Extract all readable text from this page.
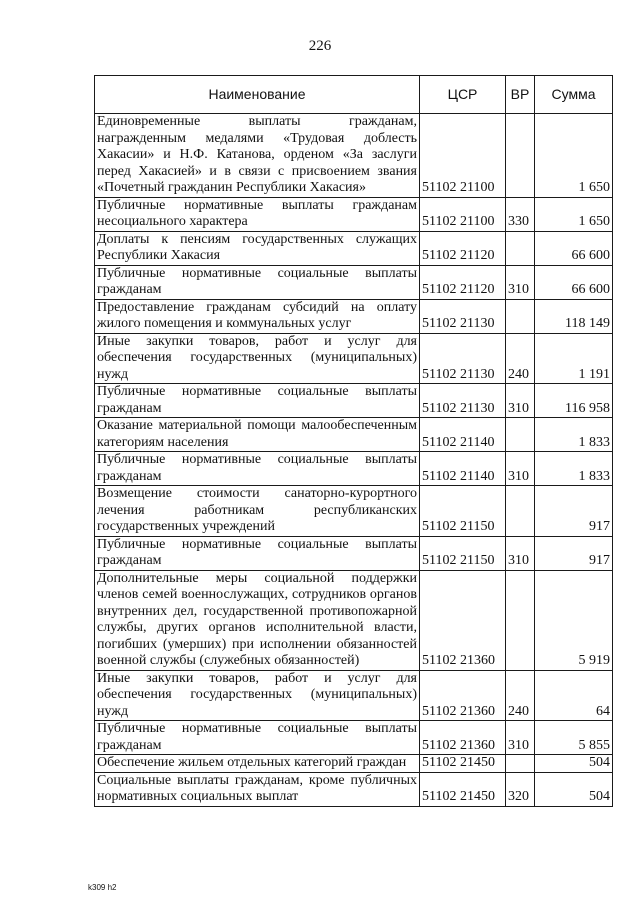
226
Наименование	ЦСР	ВР	Сумма
Единовременные выплаты гражданам, награжденным медалями «Трудовая доблесть Хакасии» и Н.Ф. Катанова, орденом «За заслуги перед Хакасией» и в связи с присвоением звания «Почетный гражданин Республики Хакасия»	51102 21100		1 650
Публичные нормативные выплаты гражданам несоциального характера	51102 21100	330	1 650
Доплаты к пенсиям государственных служащих Республики Хакасия	51102 21120		66 600
Публичные нормативные социальные выплаты гражданам	51102 21120	310	66 600
Предоставление гражданам субсидий на оплату жилого помещения и коммунальных услуг	51102 21130		118 149
Иные закупки товаров, работ и услуг для обеспечения государственных (муниципальных) нужд	51102 21130	240	1 191
Публичные нормативные социальные выплаты гражданам	51102 21130	310	116 958
Оказание материальной помощи малообеспеченным категориям населения	51102 21140		1 833
Публичные нормативные социальные выплаты гражданам	51102 21140	310	1 833
Возмещение стоимости санаторно-курортного лечения работникам республиканских государственных учреждений	51102 21150		917
Публичные нормативные социальные выплаты гражданам	51102 21150	310	917
Дополнительные меры социальной поддержки членов семей военнослужащих, сотрудников органов внутренних дел, государственной противопожарной службы, других органов исполнительной власти, погибших (умерших) при исполнении обязанностей военной службы (служебных обязанностей)	51102 21360		5 919
Иные закупки товаров, работ и услуг для обеспечения государственных (муниципальных) нужд	51102 21360	240	64
Публичные нормативные социальные выплаты гражданам	51102 21360	310	5 855
Обеспечение жильем отдельных категорий граждан	51102 21450		504
Социальные выплаты гражданам, кроме публичных нормативных социальных выплат	51102 21450	320	504
k309 h2
